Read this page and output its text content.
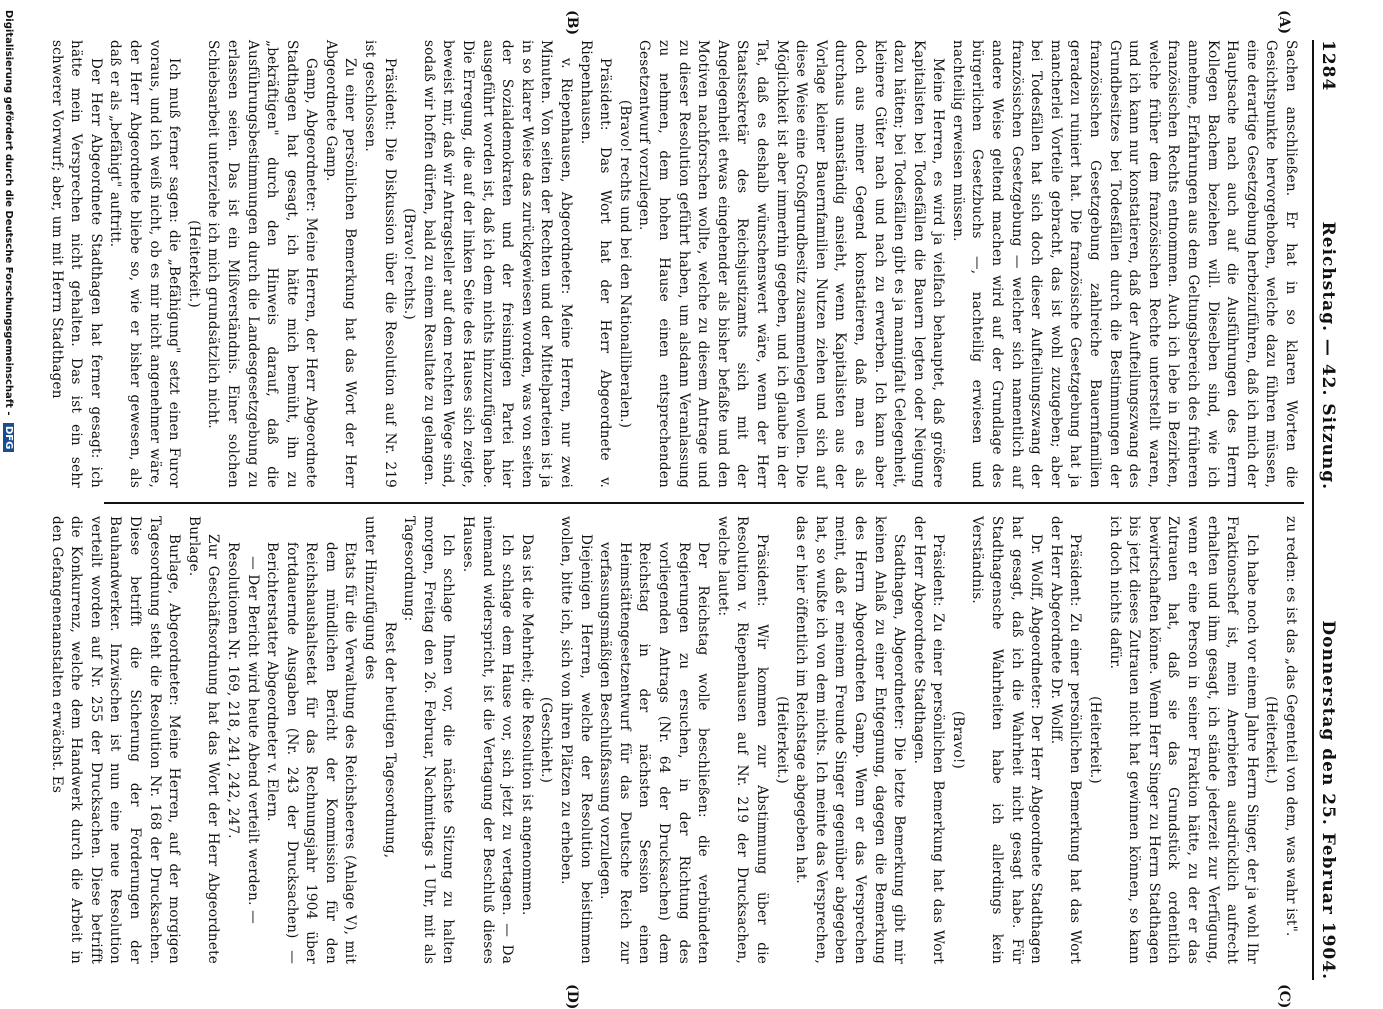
Digitalisierung gefördert durch die Deutsche Forschungsgemeinschaft - DFG
1284
Reichstag. — 42. Sitzung.
Donnerstag den 25. Februar 1904.
(A)
(B)
(C)
(D)

Sachen anschließen. Er hat in so klaren Worten die Gesichtspunkte hervorgehoben, welche dazu führen müssen, eine derartige Gesetzgebung herbeizuführen, daß ich mich der Hauptsache nach auch auf die Ausführungen des Herrn Kollegen Bachem beziehen will. Dieselben sind, wie ich annehme, Erfahrungen aus dem Geltungsbereich des früheren französischen Rechts entnommen. Auch ich lebe in Bezirken, welche früher dem französischen Rechte unterstellt waren, und ich kann nur konstatieren, daß der Aufteilungszwang des Grundbesitzes bei Todesfällen durch die Bestimmungen der französischen Gesetzgebung zahlreiche Bauernfamilien geradezu ruiniert hat. Die französische Gesetzgebung hat ja mancherlei Vorteile gebracht, das ist wohl zuzugeben; aber bei Todesfällen hat sich doch dieser Aufteilungszwang der französischen Gesetzgebung — welcher sich namentlich auf andere Weise geltend machen wird auf der Grundlage des bürgerlichen Gesetzbuchs —, nachteilig erwiesen und nachteilig erweisen müssen.

Meine Herren, es wird ja vielfach behauptet, daß größere Kapitalisten bei Todesfällen die Bauern legten oder Neigung dazu hätten; bei Todesfällen gibt es ja mannigfalt Gelegenheit, kleinere Güter nach und nach zu erwerben. Ich kann aber doch aus meiner Gegend konstatieren, daß man es als durchaus unanständig ansieht, wenn Kapitalisten aus der Vorlage kleiner Bauernfamilien Nutzen ziehen und sich auf diese Weise eine Großgrundbesitz zusammenlegen wollen. Die Möglichkeit ist aber immerhin gegeben, und ich glaube in der Tat, daß es deshalb wünschenswert wäre, wenn der Herr Staatssekretär des Reichsjustizamts sich mit der Angelegenheit etwas eingehender als bisher befaßte und den Motiven nachforschen wollte, welche zu diesem Antrage und zu dieser Resolution geführt haben, um alsdann Veranlassung zu nehmen, dem hohen Hause einen entsprechenden Gesetzentwurf vorzulegen.

(Bravo! rechts und bei den Nationalliberalen.)

Präsident: Das Wort hat der Herr Abgeordnete v. Riepenhausen.

v. Riepenhausen, Abgeordneter: Meine Herren, nur zwei Minuten. Von seiten der Rechten und der Mittelparteien ist ja in so klarer Weise das zurückgewiesen worden, was von seiten der Sozialdemokraten und der freisinnigen Partei hier ausgeführt worden ist, daß ich dem nichts hinzuzufügen habe. Die Erregung, die auf der linken Seite des Hauses sich zeigte, beweist mir, daß wir Antragsteller auf dem rechten Wege sind, sodaß wir hoffen dürfen, bald zu einem Resultate zu gelangen.

(Bravo! rechts.)

Präsident: Die Diskussion über die Resolution auf Nr. 219 ist geschlossen.

Zu einer persönlichen Bemerkung hat das Wort der Herr Abgeordnete Gamp.

Gamp, Abgeordneter: Meine Herren, der Herr Abgeordnete Stadthagen hat gesagt, ich hätte mich bemüht, ihn zu „bekräftigen" durch den Hinweis darauf, daß die Ausführungsbestimmungen durch die Landesgesetzgebung zu erlassen seien. Das ist ein Mißverständnis. Einer solchen Schiebsarbeit unterziehe ich mich grundsätzlich nicht.

(Heiterkeit.)

Ich muß ferner sagen: die „Befähigung" setzt einen Furor voraus, und ich weiß nicht, ob es mir nicht angenehmer wäre, der Herr Abgeordnete bliebe so, wie er bisher gewesen, als daß er als „befähigt" auftritt.

Der Herr Abgeordnete Stadthagen hat ferner gesagt: ich hätte mein Versprechen nicht gehalten. Das ist ein sehr schwerer Vorwurf; aber, um mit Herrn Stadthagen

zu reden: es ist das „das Gegenteil von dem, was wahr ist".

(Heiterkeit.)

Ich habe noch vor einem Jahre Herrn Singer, der ja wohl Ihr Fraktionschef ist, mein Anerbieten ausdrücklich aufrecht erhalten und ihm gesagt, ich stände jederzeit zur Verfügung, wenn er eine Person in seiner Fraktion hätte, zu der er das Zutrauen hat, daß sie das Grundstück ordentlich bewirtschaften könne. Wenn Herr Singer zu Herrn Stadthagen bis jetzt dieses Zutrauen nicht hat gewinnen können, so kann ich doch nichts dafür.

(Heiterkeit.)

Präsident: Zu einer persönlichen Bemerkung hat das Wort der Herr Abgeordnete Dr. Wolff.

Dr. Wolff, Abgeordneter: Der Herr Abgeordnete Stadthagen hat gesagt, daß ich die Wahrheit nicht gesagt habe. Für Stadthagensche Wahrheiten habe ich allerdings kein Verständnis.

(Bravo!)

Präsident: Zu einer persönlichen Bemerkung hat das Wort der Herr Abgeordnete Stadthagen.

Stadthagen, Abgeordneter: Die letzte Bemerkung gibt mir keinen Anlaß zu einer Entgegnung, dagegen die Bemerkung des Herrn Abgeordneten Gamp. Wenn er das Versprechen meint, daß er meinem Freunde Singer gegenüber abgegeben hat, so wußte ich von dem nichts. Ich meinte das Versprechen, das er hier öffentlich im Reichstage abgegeben hat.

(Heiterkeit.)

Präsident: Wir kommen zur Abstimmung über die Resolution v. Riepenhausen auf Nr. 219 der Drucksachen, welche lautet:

Der Reichstag wolle beschließen: die verbündeten Regierungen zu ersuchen, in der Richtung des vorliegenden Antrags (Nr. 64 der Drucksachen) dem Reichstag in der nächsten Session einen Heimstättengesetzentwurf für das Deutsche Reich zur verfassungsmäßigen Beschlußfassung vorzulegen.

Diejenigen Herren, welche der Resolution beistimmen wollen, bitte ich, sich von ihren Plätzen zu erheben.

(Geschieht.)

Das ist die Mehrheit; die Resolution ist angenommen.

Ich schlage dem Hause vor, sich jetzt zu vertagen. — Da niemand widerspricht, ist die Vertagung der Beschluß dieses Hauses.

Ich schlage Ihnen vor, die nächste Sitzung zu halten morgen, Freitag den 26. Februar, Nachmittags 1 Uhr, mit als Tagesordnung:

Rest der heutigen Tagesordnung,

unter Hinzufügung des

Etats für die Verwaltung des Reichsheeres (Anlage V), mit dem mündlichen Bericht der Kommission für den Reichshaushaltsetat für das Rechnungsjahr 1904 über fortdauernde Ausgaben (Nr. 243 der Drucksachen) — Berichterstatter Abgeordneter v. Elern.

— Der Bericht wird heute Abend verteilt werden. —

Resolutionen Nr. 169, 218, 241, 242, 247.

Zur Geschäftsordnung hat das Wort der Herr Abgeordnete Burlage.

Burlage, Abgeordneter: Meine Herren, auf der morgigen Tagesordnung steht die Resolution Nr. 168 der Drucksachen. Diese betrifft die Sicherung der Forderungen der Bauhandwerker. Inzwischen ist nun eine neue Resolution verteilt worden auf Nr. 255 der Drucksachen. Diese betrifft die Konkurrenz, welche dem Handwerk durch die Arbeit in den Gefangenenanstalten erwächst. Es
